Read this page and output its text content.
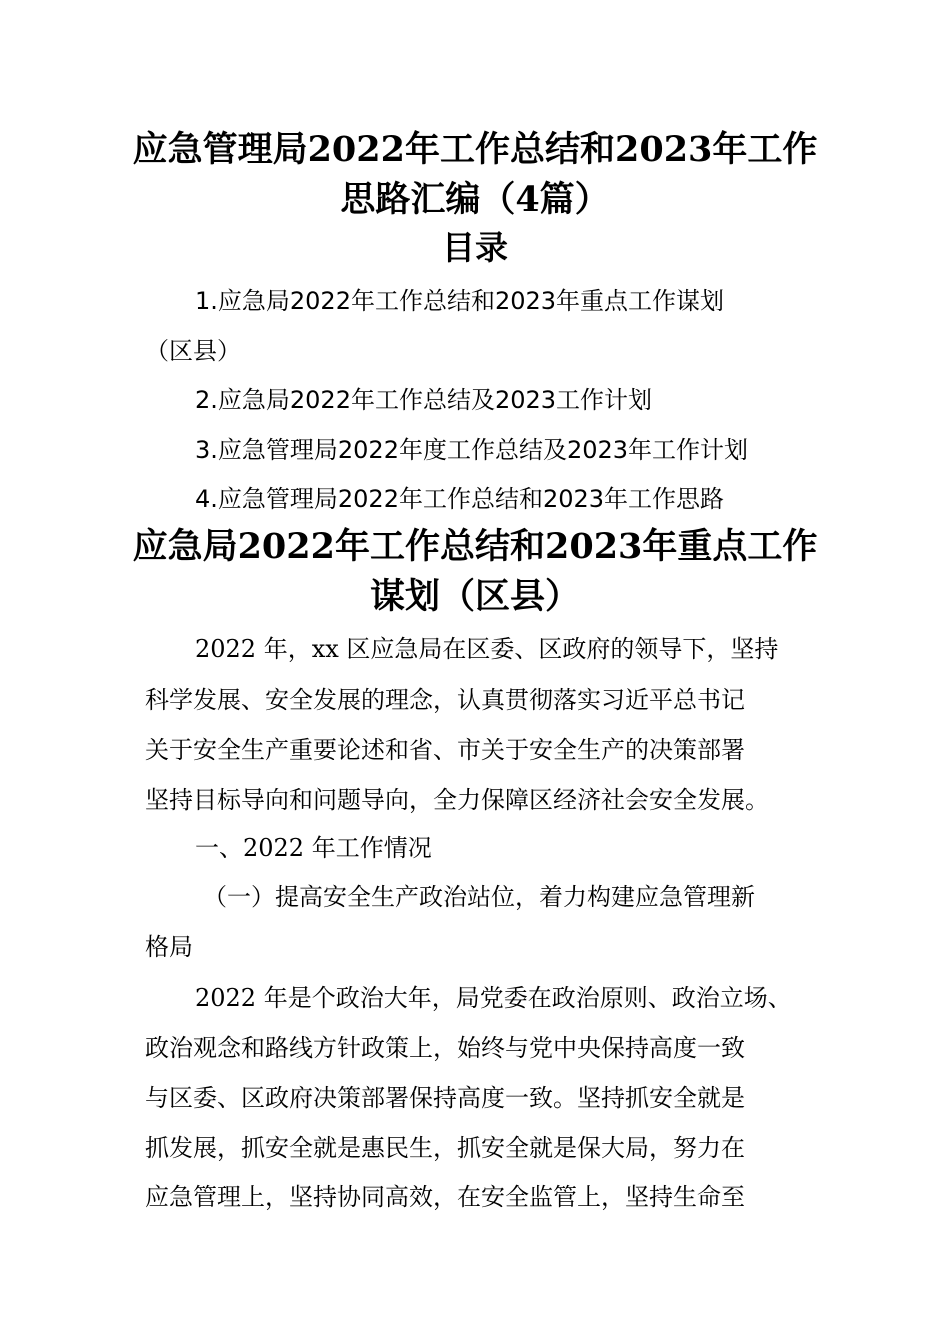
应急管理局2022年工作总结和2023年工作
思路汇编（4篇）
目录

1.应急局2022年工作总结和2023年重点工作谋划

（区县）

2.应急局2022年工作总结及2023工作计划

3.应急管理局2022年度工作总结及2023年工作计划

4.应急管理局2022年工作总结和2023年工作思路

应急局2022年工作总结和2023年重点工作
谋划（区县）

2022 年，xx 区应急局在区委、区政府的领导下，坚持

科学发展、安全发展的理念，认真贯彻落实习近平总书记

关于安全生产重要论述和省、市关于安全生产的决策部署

坚持目标导向和问题导向，全力保障区经济社会安全发展。

一、2022 年工作情况

（一）提高安全生产政治站位，着力构建应急管理新

格局

2022 年是个政治大年，局党委在政治原则、政治立场、

政治观念和路线方针政策上，始终与党中央保持高度一致

与区委、区政府决策部署保持高度一致。坚持抓安全就是

抓发展，抓安全就是惠民生，抓安全就是保大局，努力在

应急管理上，坚持协同高效，在安全监管上，坚持生命至
